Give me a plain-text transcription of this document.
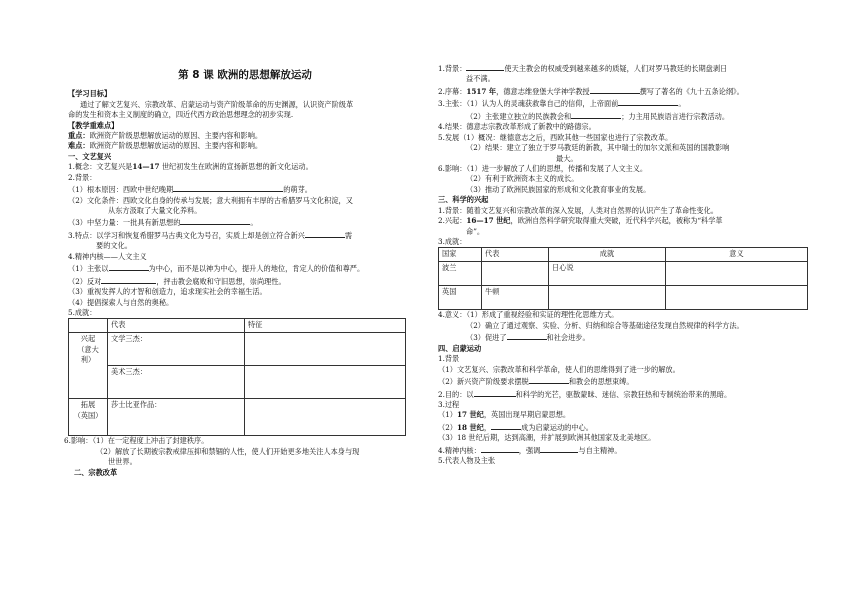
第 8 课 欧洲的思想解放运动
【学习目标】
通过了解文艺复兴、宗教改革、启蒙运动与资产阶级革命的历史渊源，认识资产阶级革
命的发生和资本主义制度的确立，四近代西方政治思想理念的初步实现.
【教学重难点】
重点：欧洲资产阶级思想解放运动的原因、主要内容和影响。
难点：欧洲资产阶级思想解放运动的原因、主要内容和影响。
一、文艺复兴
1.概念：文艺复兴是14—17 世纪初发生在欧洲的宣扬新思想的新文化运动。
2.背景：
（1）根本原因：西欧中世纪晚期	的萌芽。
（2）文化条件：西欧文化自身的传承与发展；意大利拥有丰厚的古希腊罗马文化积淀，又
从东方汲取了大量文化养料。
（3）中坚力量：一批具有新思想的	。
3.特点：以学习和恢复希腊罗马古典文化为号召，实质上却是创立符合新兴	需
要的文化。
4.精神内核——人文主义
（1）主张以	为中心，而不是以神为中心，提升人的地位，肯定人的价值和尊严。
（2）反对	，抨击教会腐败和守旧思想，崇尚理性。
（3）重视发挥人的才智和创造力，追求现实社会的幸福生活。
（4）提倡探索人与自然的奥秘。
5.成就：
	代表	特征

兴起
（意大利）	文学三杰：	
	美术三杰：	

拓展
（英国）	莎士比亚作品：	
6.影响：（1）在一定程度上冲击了封建秩序。
（2）解放了长期被宗教戒律压抑和禁锢的人性，使人们开始更多地关注人本身与现
世世界。
二、宗教改革
1.背景：	使天主教会的权威受到越来越多的质疑，人们对罗马教廷的长期盘剥日
益不满。
2.序幕：1517 年，德意志维登堡大学神学教授	撰写了著名的《九十五条论纲》。
3.主张：（1）认为人的灵魂获救靠自己的信仰，上帝面前	。
（2）主张建立独立的民族教会和	；力主用民族语言进行宗教活动。
4.结果：德意志宗教改革形成了新教中的路德宗。
5.发展（1）概况：继德意志之后，西欧其他一些国家也进行了宗教改革。
（2）结果：建立了独立于罗马教廷的新教，其中瑞士的加尔文派和英国的国教影响
最大。
6.影响：（1）进一步解放了人们的思想，传播和发展了人文主义。
（2）有利于欧洲资本主义的成长。
（3）推动了欧洲民族国家的形成和文化教育事业的发展。
三、科学的兴起
1.背景：随着文艺复兴和宗教改革的深入发展，人类对自然界的认识产生了革命性变化。
2.兴起：16—17 世纪，欧洲自然科学研究取得重大突破，近代科学兴起，被称为“科学革
命”。
3.成就：
国家	代表	成就	意义
波兰		日心说	
英国	牛顿		
4.意义：（1）形成了重视经验和实证的理性化思维方式。
（2）确立了通过观察、实验、分析、归纳和综合等基础途径发现自然规律的科学方法。
（3）促进了	和社会进步。
四、启蒙运动
1.背景
（1）文艺复兴、宗教改革和科学革命，使人们的思维得到了进一步的解放。
（2）新兴资产阶级要求摆脱	和教会的思想束缚。
2.目的：以	和科学的光芒，驱散蒙昧、迷信、宗教狂热和专制统治带来的黑暗。
3.过程
（1）17 世纪，英国出现早期启蒙思想。
（2）18 世纪，	成为启蒙运动的中心。
（3）18 世纪后期，达到高潮，并扩展到欧洲其他国家及北美地区。
4.精神内核：	，强调	与自主精神。
5.代表人物及主张
